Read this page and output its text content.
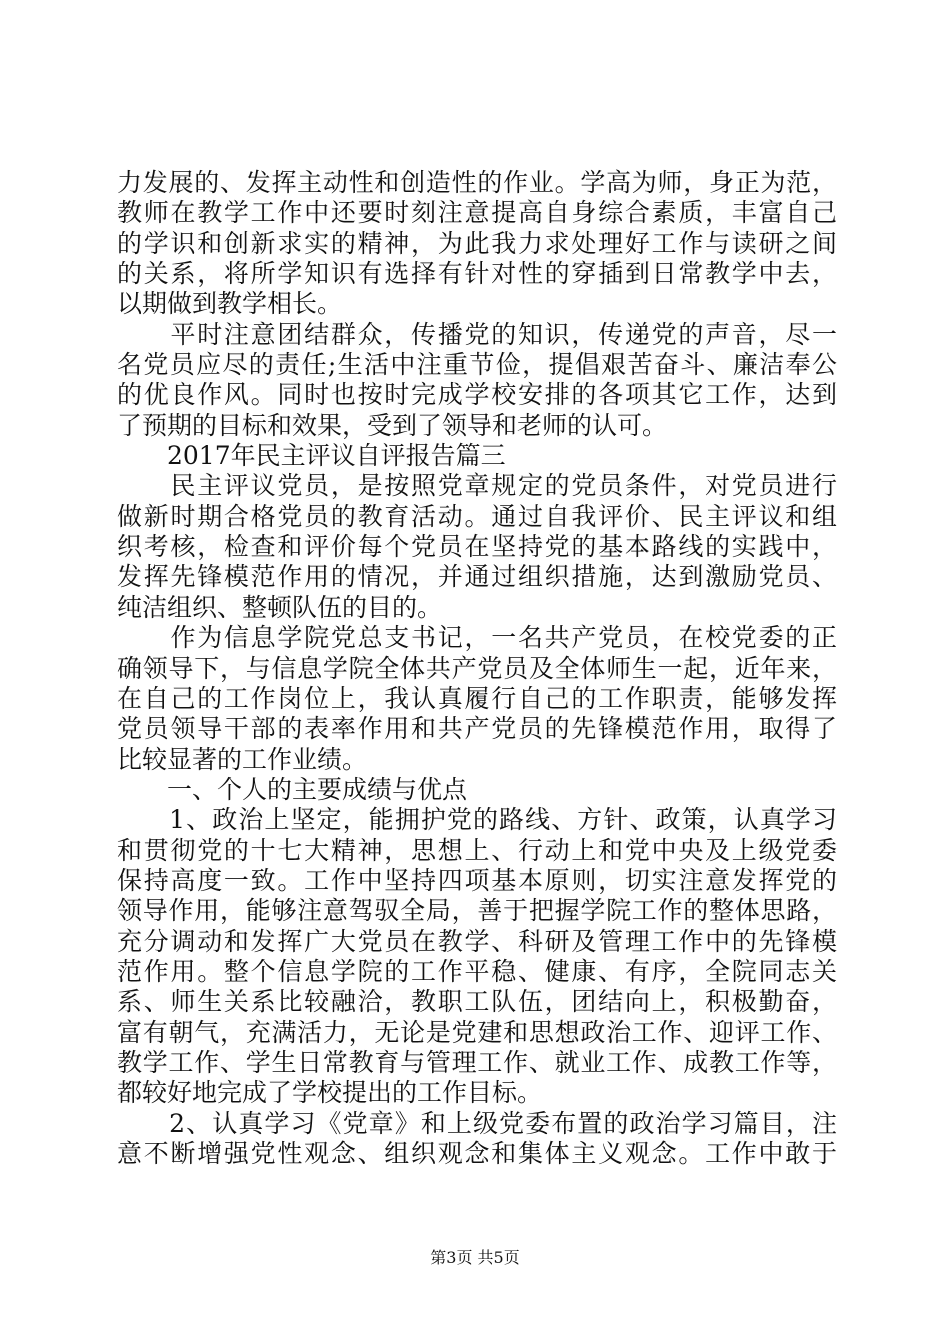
力发展的、发挥主动性和创造性的作业。学高为师，身正为范，
教师在教学工作中还要时刻注意提高自身综合素质，丰富自己
的学识和创新求实的精神，为此我力求处理好工作与读研之间
的关系，将所学知识有选择有针对性的穿插到日常教学中去，
以期做到教学相长。
　　平时注意团结群众，传播党的知识，传递党的声音，尽一
名党员应尽的责任;生活中注重节俭，提倡艰苦奋斗、廉洁奉公
的优良作风。同时也按时完成学校安排的各项其它工作，达到
了预期的目标和效果，受到了领导和老师的认可。
　　2017年民主评议自评报告篇三
　　民主评议党员，是按照党章规定的党员条件，对党员进行
做新时期合格党员的教育活动。通过自我评价、民主评议和组
织考核，检查和评价每个党员在坚持党的基本路线的实践中，
发挥先锋模范作用的情况，并通过组织措施，达到激励党员、
纯洁组织、整顿队伍的目的。
　　作为信息学院党总支书记，一名共产党员，在校党委的正
确领导下，与信息学院全体共产党员及全体师生一起，近年来，
在自己的工作岗位上，我认真履行自己的工作职责，能够发挥
党员领导干部的表率作用和共产党员的先锋模范作用，取得了
比较显著的工作业绩。
　　一、个人的主要成绩与优点
　　1、政治上坚定，能拥护党的路线、方针、政策，认真学习
和贯彻党的十七大精神，思想上、行动上和党中央及上级党委
保持高度一致。工作中坚持四项基本原则，切实注意发挥党的
领导作用，能够注意驾驭全局，善于把握学院工作的整体思路，
充分调动和发挥广大党员在教学、科研及管理工作中的先锋模
范作用。整个信息学院的工作平稳、健康、有序，全院同志关
系、师生关系比较融洽，教职工队伍，团结向上，积极勤奋，
富有朝气，充满活力，无论是党建和思想政治工作、迎评工作、
教学工作、学生日常教育与管理工作、就业工作、成教工作等，
都较好地完成了学校提出的工作目标。
　　2、认真学习《党章》和上级党委布置的政治学习篇目，注
意不断增强党性观念、组织观念和集体主义观念。工作中敢于
第3页 共5页
